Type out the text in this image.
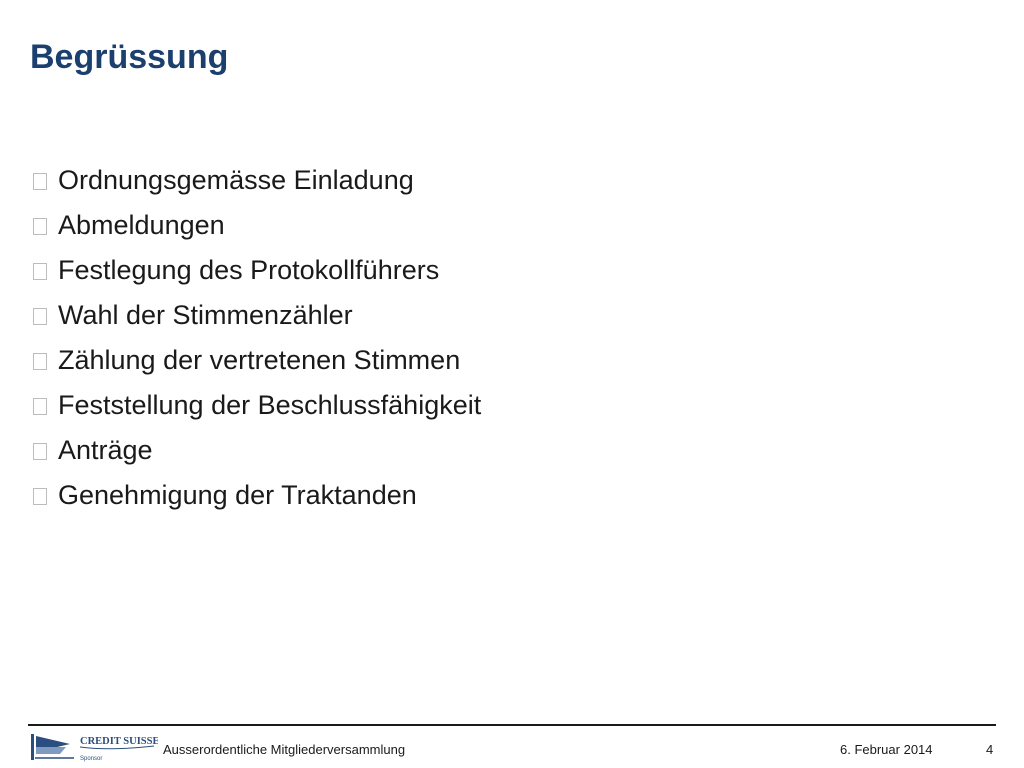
Begrüssung
Ordnungsgemässe Einladung
Abmeldungen
Festlegung des Protokollführers
Wahl der Stimmenzähler
Zählung der vertretenen Stimmen
Feststellung der Beschlussfähigkeit
Anträge
Genehmigung der Traktanden
CREDIT SUISSE
Sponsor
Ausserordentliche Mitgliederversammlung	6. Februar 2014	4
